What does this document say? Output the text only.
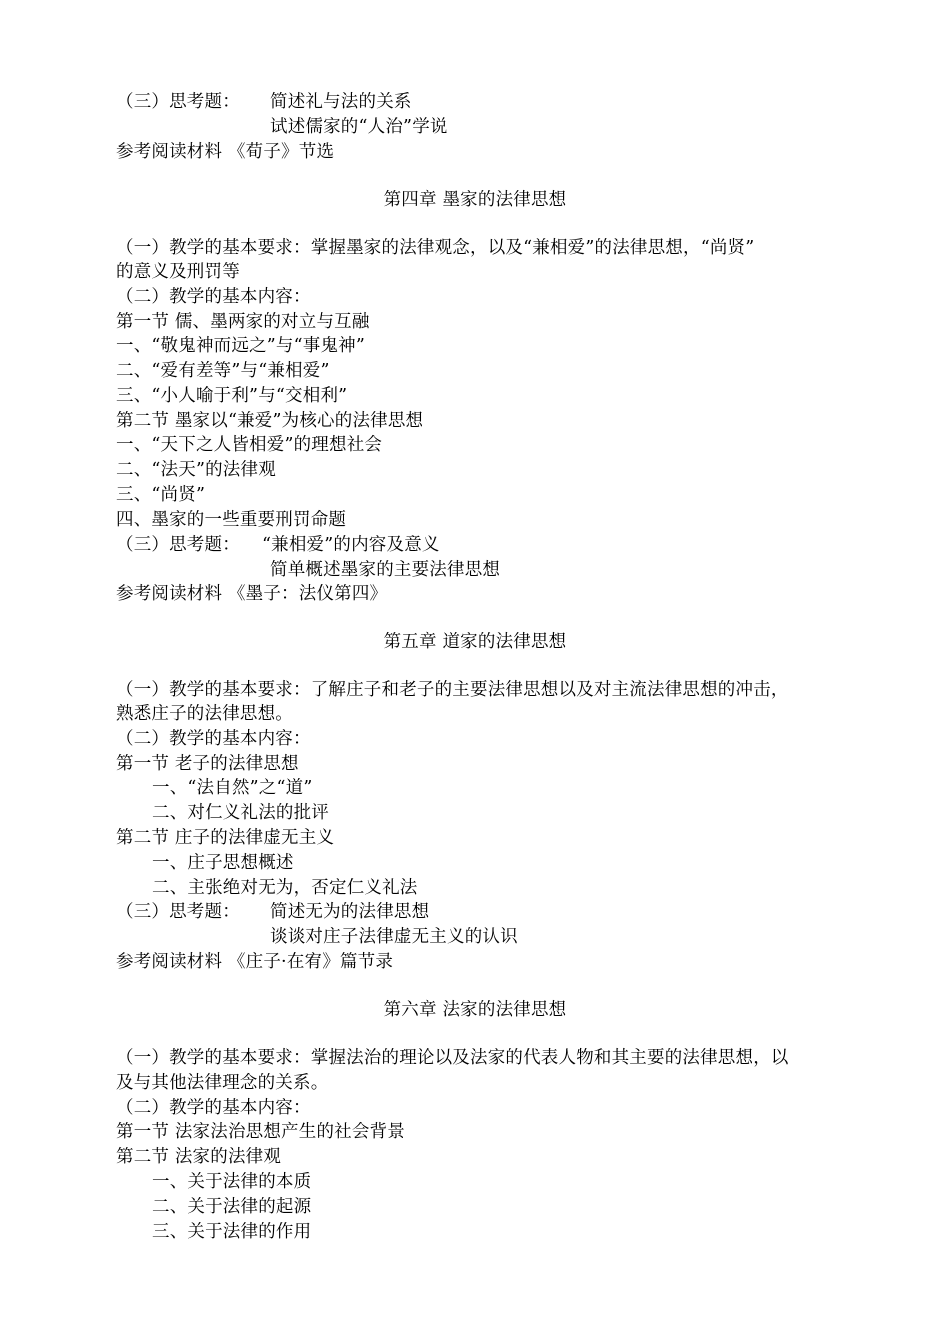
（三）思考题： 简述礼与法的关系
试述儒家的“人治”学说
参考阅读材料 《荀子》节选
第四章 墨家的法律思想
（一）教学的基本要求：掌握墨家的法律观念，以及“兼相爱”的法律思想，“尚贤”
的意义及刑罚等
（二）教学的基本内容：
第一节 儒、墨两家的对立与互融
一、“敬鬼神而远之”与“事鬼神”
二、“爱有差等”与“兼相爱”
三、“小人喻于利”与“交相利”
第二节 墨家以“兼爱”为核心的法律思想
一、“天下之人皆相爱”的理想社会
二、“法天”的法律观
三、“尚贤”
四、墨家的一些重要刑罚命题
（三）思考题： “兼相爱”的内容及意义
简单概述墨家的主要法律思想
参考阅读材料 《墨子：法仪第四》
第五章 道家的法律思想
（一）教学的基本要求：了解庄子和老子的主要法律思想以及对主流法律思想的冲击，
熟悉庄子的法律思想。
（二）教学的基本内容：
第一节 老子的法律思想
一、“法自然”之“道”
二、对仁义礼法的批评
第二节 庄子的法律虚无主义
一、庄子思想概述
二、主张绝对无为，否定仁义礼法
（三）思考题： 简述无为的法律思想
谈谈对庄子法律虚无主义的认识
参考阅读材料 《庄子·在宥》篇节录
第六章 法家的法律思想
（一）教学的基本要求：掌握法治的理论以及法家的代表人物和其主要的法律思想，以
及与其他法律理念的关系。
（二）教学的基本内容：
第一节 法家法治思想产生的社会背景
第二节 法家的法律观
一、关于法律的本质
二、关于法律的起源
三、关于法律的作用
